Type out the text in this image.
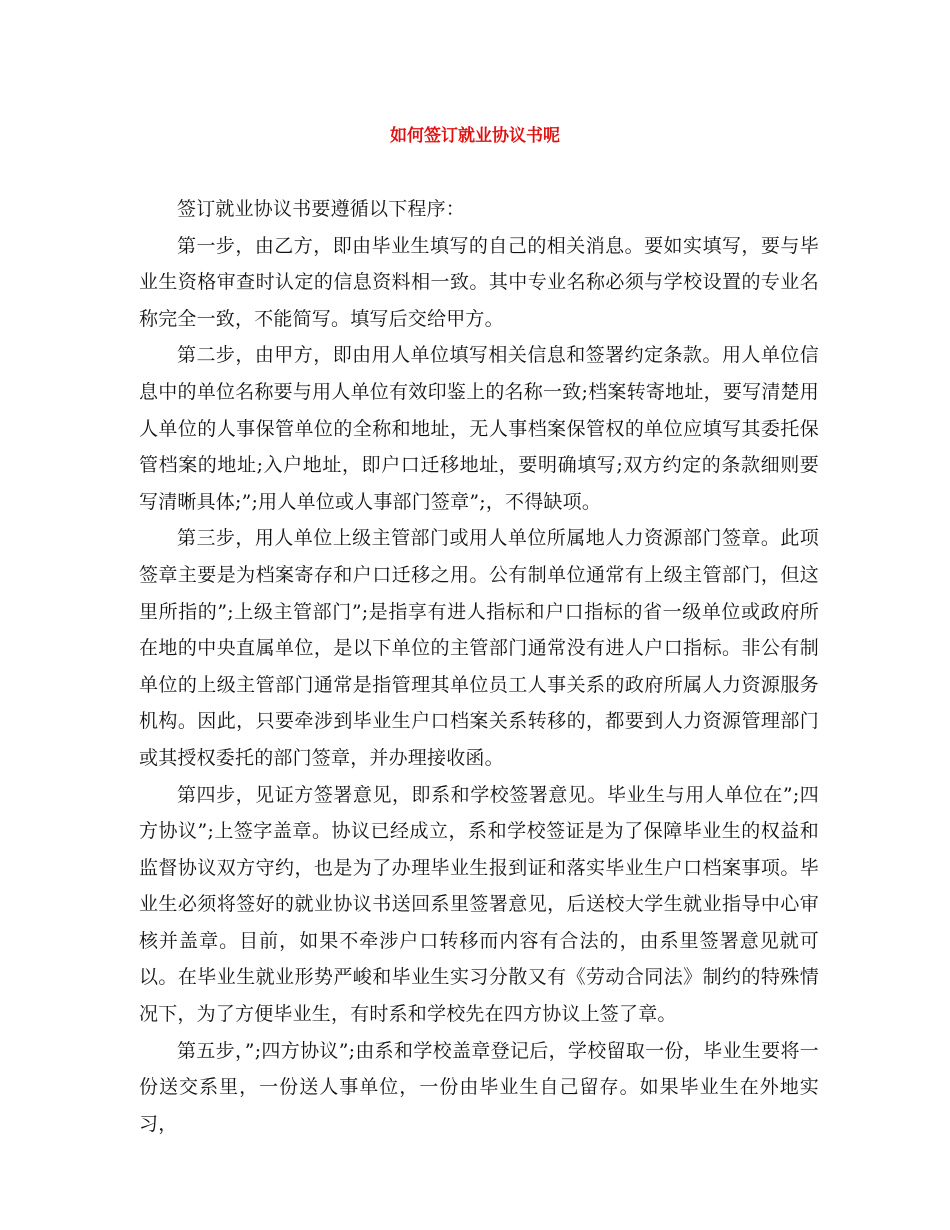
如何签订就业协议书呢

签订就业协议书要遵循以下程序：

第一步，由乙方，即由毕业生填写的自己的相关消息。要如实填写，要与毕业生资格审查时认定的信息资料相一致。其中专业名称必须与学校设置的专业名称完全一致，不能简写。填写后交给甲方。

第二步，由甲方，即由用人单位填写相关信息和签署约定条款。用人单位信息中的单位名称要与用人单位有效印鉴上的名称一致;档案转寄地址，要写清楚用人单位的人事保管单位的全称和地址，无人事档案保管权的单位应填写其委托保管档案的地址;入户地址，即户口迁移地址，要明确填写;双方约定的条款细则要写清晰具体;”;用人单位或人事部门签章”;，不得缺项。

第三步，用人单位上级主管部门或用人单位所属地人力资源部门签章。此项签章主要是为档案寄存和户口迁移之用。公有制单位通常有上级主管部门，但这里所指的”;上级主管部门”;是指享有进人指标和户口指标的省一级单位或政府所在地的中央直属单位，是以下单位的主管部门通常没有进人户口指标。非公有制单位的上级主管部门通常是指管理其单位员工人事关系的政府所属人力资源服务机构。因此，只要牵涉到毕业生户口档案关系转移的，都要到人力资源管理部门或其授权委托的部门签章，并办理接收函。

第四步，见证方签署意见，即系和学校签署意见。毕业生与用人单位在”;四方协议”;上签字盖章。协议已经成立，系和学校签证是为了保障毕业生的权益和监督协议双方守约，也是为了办理毕业生报到证和落实毕业生户口档案事项。毕业生必须将签好的就业协议书送回系里签署意见，后送校大学生就业指导中心审核并盖章。目前，如果不牵涉户口转移而内容有合法的，由系里签署意见就可以。在毕业生就业形势严峻和毕业生实习分散又有《劳动合同法》制约的特殊情况下，为了方便毕业生，有时系和学校先在四方协议上签了章。

第五步，”;四方协议”;由系和学校盖章登记后，学校留取一份，毕业生要将一份送交系里，一份送人事单位，一份由毕业生自己留存。如果毕业生在外地实习，
